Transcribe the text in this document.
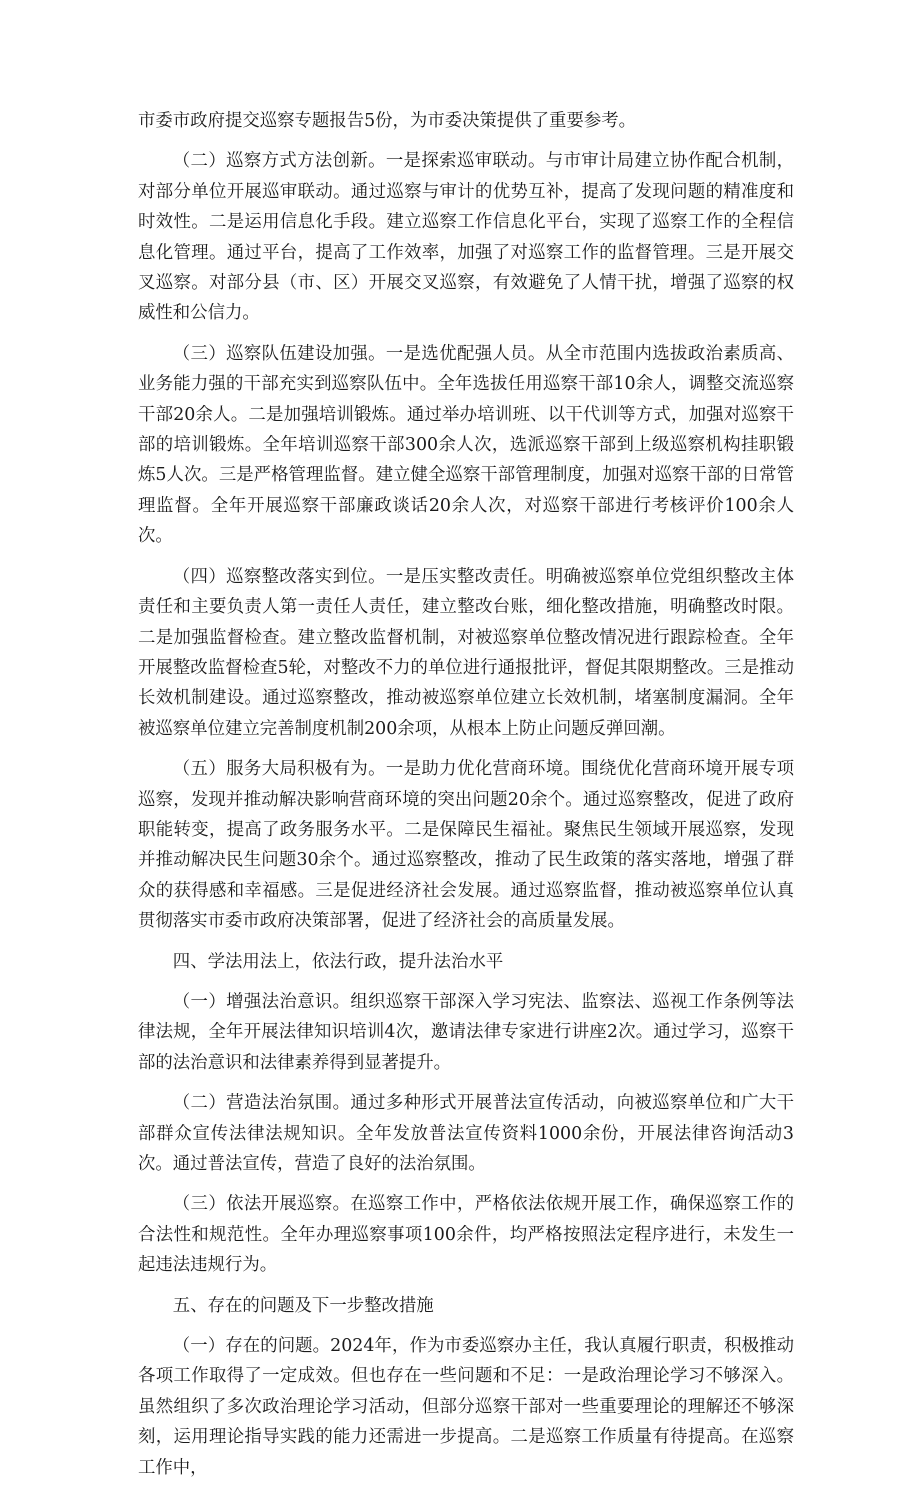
市委市政府提交巡察专题报告5份，为市委决策提供了重要参考。

（二）巡察方式方法创新。一是探索巡审联动。与市审计局建立协作配合机制，对部分单位开展巡审联动。通过巡察与审计的优势互补，提高了发现问题的精准度和时效性。二是运用信息化手段。建立巡察工作信息化平台，实现了巡察工作的全程信息化管理。通过平台，提高了工作效率，加强了对巡察工作的监督管理。三是开展交叉巡察。对部分县（市、区）开展交叉巡察，有效避免了人情干扰，增强了巡察的权威性和公信力。

（三）巡察队伍建设加强。一是选优配强人员。从全市范围内选拔政治素质高、业务能力强的干部充实到巡察队伍中。全年选拔任用巡察干部10余人，调整交流巡察干部20余人。二是加强培训锻炼。通过举办培训班、以干代训等方式，加强对巡察干部的培训锻炼。全年培训巡察干部300余人次，选派巡察干部到上级巡察机构挂职锻炼5人次。三是严格管理监督。建立健全巡察干部管理制度，加强对巡察干部的日常管理监督。全年开展巡察干部廉政谈话20余人次，对巡察干部进行考核评价100余人次。

（四）巡察整改落实到位。一是压实整改责任。明确被巡察单位党组织整改主体责任和主要负责人第一责任人责任，建立整改台账，细化整改措施，明确整改时限。二是加强监督检查。建立整改监督机制，对被巡察单位整改情况进行跟踪检查。全年开展整改监督检查5轮，对整改不力的单位进行通报批评，督促其限期整改。三是推动长效机制建设。通过巡察整改，推动被巡察单位建立长效机制，堵塞制度漏洞。全年被巡察单位建立完善制度机制200余项，从根本上防止问题反弹回潮。

（五）服务大局积极有为。一是助力优化营商环境。围绕优化营商环境开展专项巡察，发现并推动解决影响营商环境的突出问题20余个。通过巡察整改，促进了政府职能转变，提高了政务服务水平。二是保障民生福祉。聚焦民生领域开展巡察，发现并推动解决民生问题30余个。通过巡察整改，推动了民生政策的落实落地，增强了群众的获得感和幸福感。三是促进经济社会发展。通过巡察监督，推动被巡察单位认真贯彻落实市委市政府决策部署，促进了经济社会的高质量发展。

四、学法用法上，依法行政，提升法治水平

（一）增强法治意识。组织巡察干部深入学习宪法、监察法、巡视工作条例等法律法规，全年开展法律知识培训4次，邀请法律专家进行讲座2次。通过学习，巡察干部的法治意识和法律素养得到显著提升。

（二）营造法治氛围。通过多种形式开展普法宣传活动，向被巡察单位和广大干部群众宣传法律法规知识。全年发放普法宣传资料1000余份，开展法律咨询活动3次。通过普法宣传，营造了良好的法治氛围。

（三）依法开展巡察。在巡察工作中，严格依法依规开展工作，确保巡察工作的合法性和规范性。全年办理巡察事项100余件，均严格按照法定程序进行，未发生一起违法违规行为。

五、存在的问题及下一步整改措施

（一）存在的问题。2024年，作为市委巡察办主任，我认真履行职责，积极推动各项工作取得了一定成效。但也存在一些问题和不足：一是政治理论学习不够深入。虽然组织了多次政治理论学习活动，但部分巡察干部对一些重要理论的理解还不够深刻，运用理论指导实践的能力还需进一步提高。二是巡察工作质量有待提高。在巡察工作中，
